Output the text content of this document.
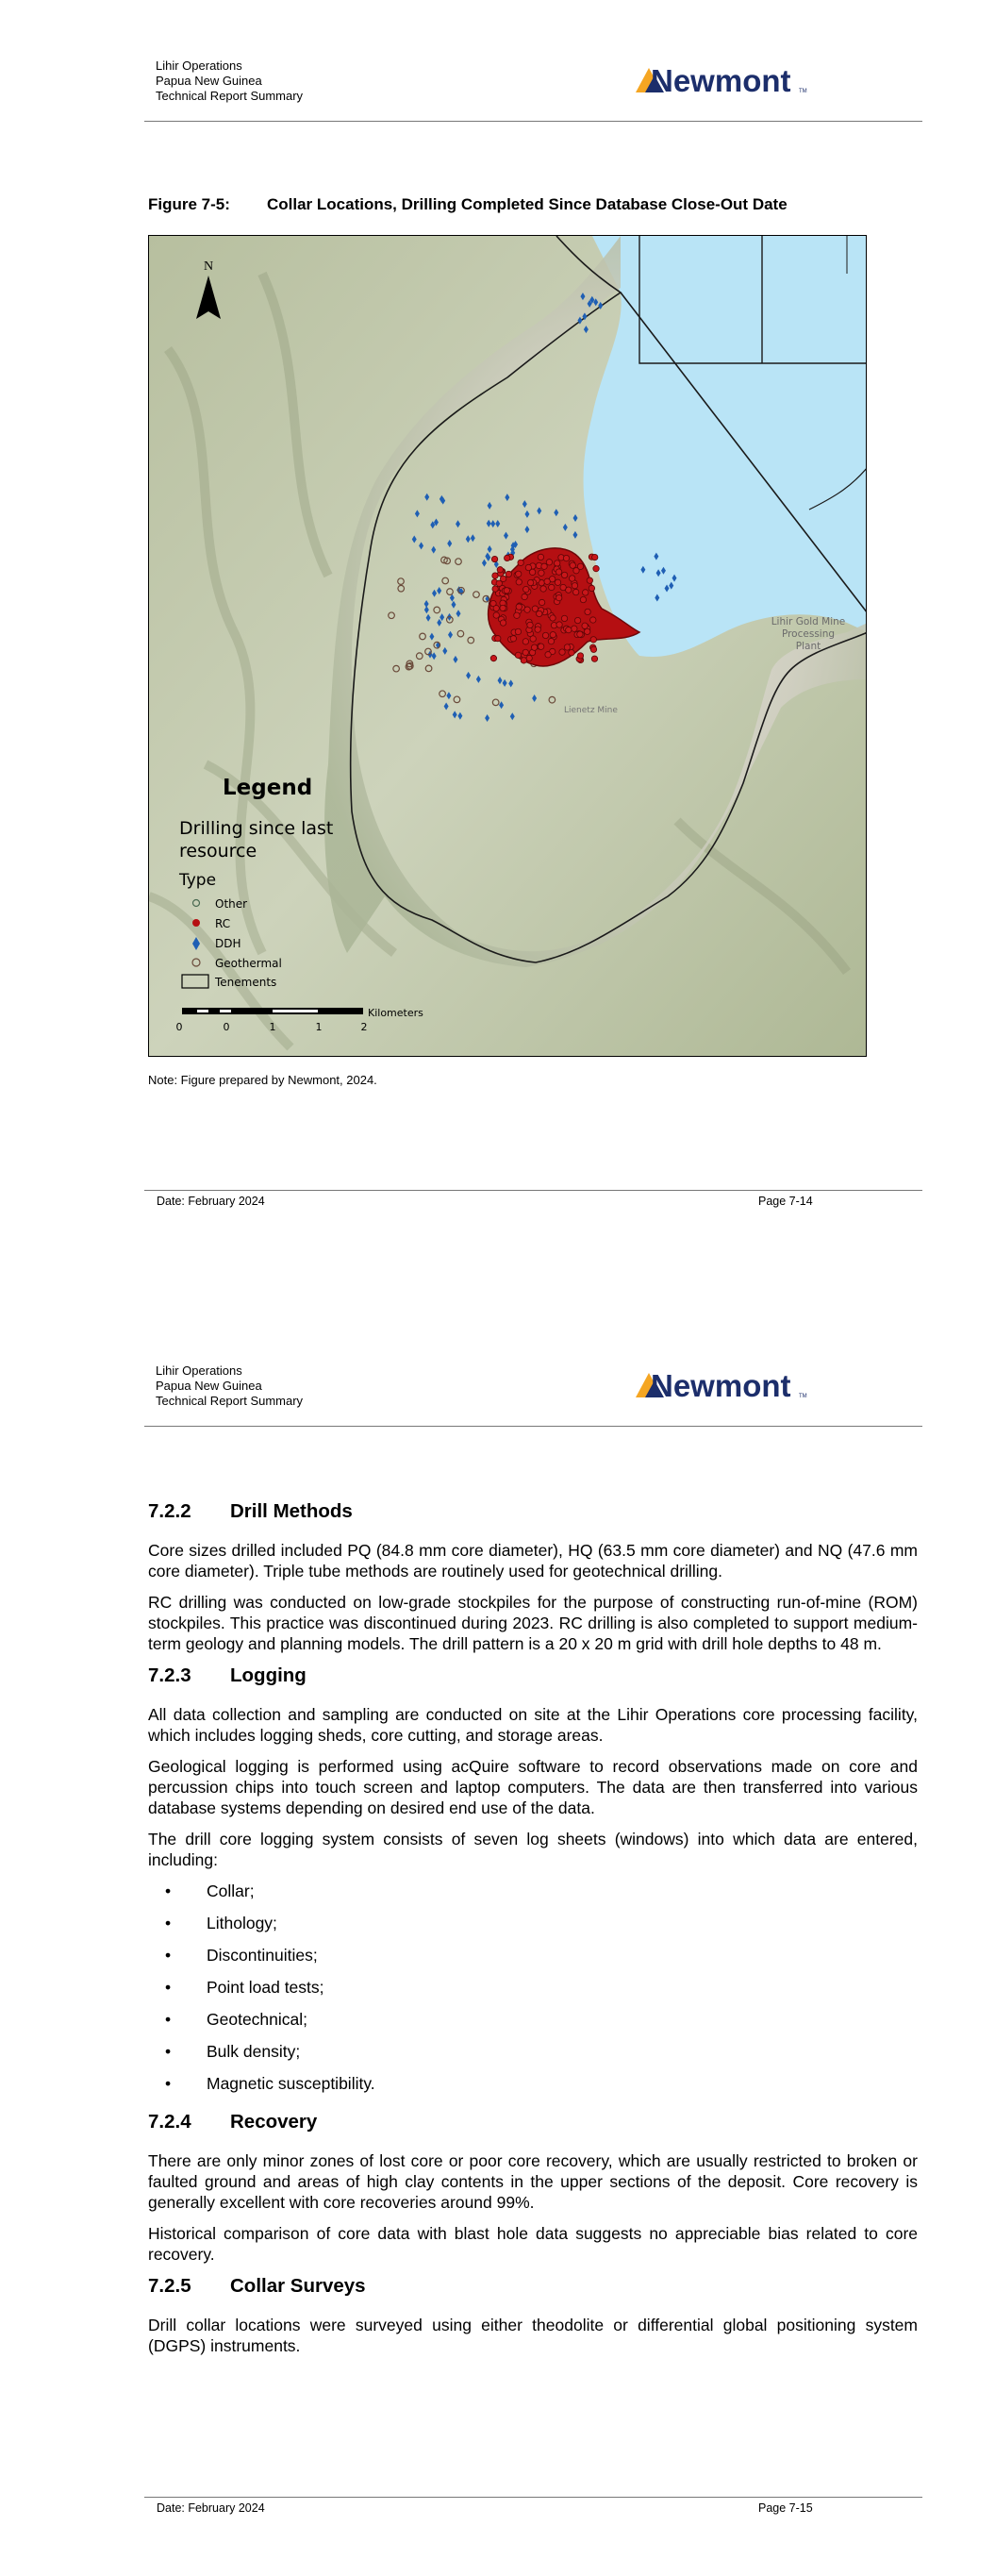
Lihir Operations
Papua New Guinea
Technical Report Summary	Newmont TM
Figure 7-5: Collar Locations, Drilling Completed Since Database Close-Out Date
N
Lihir Gold Mine
Processing
Plant
Lienetz Mine
Legend
Drilling since last
resource
Type
Other
RC
DDH
Geothermal
Tenements
0	0	1	1	2
Kilometers
Note: Figure prepared by Newmont, 2024.
Date: February 2024	Page 7-14
Lihir Operations
Papua New Guinea
Technical Report Summary	Newmont TM
7.2.2 Drill Methods

Core sizes drilled included PQ (84.8 mm core diameter), HQ (63.5 mm core diameter) and NQ (47.6 mm core diameter). Triple tube methods are routinely used for geotechnical drilling.

RC drilling was conducted on low-grade stockpiles for the purpose of constructing run-of-mine (ROM) stockpiles. This practice was discontinued during 2023. RC drilling is also completed to support medium-term geology and planning models. The drill pattern is a 20 x 20 m grid with drill hole depths to 48 m.

7.2.3 Logging

All data collection and sampling are conducted on site at the Lihir Operations core processing facility, which includes logging sheds, core cutting, and storage areas.

Geological logging is performed using acQuire software to record observations made on core and percussion chips into touch screen and laptop computers. The data are then transferred into various database systems depending on desired end use of the data.

The drill core logging system consists of seven log sheets (windows) into which data are entered, including:

• Collar;
• Lithology;
• Discontinuities;
• Point load tests;
• Geotechnical;
• Bulk density;
• Magnetic susceptibility.
7.2.4 Recovery

There are only minor zones of lost core or poor core recovery, which are usually restricted to broken or faulted ground and areas of high clay contents in the upper sections of the deposit. Core recovery is generally excellent with core recoveries around 99%.

Historical comparison of core data with blast hole data suggests no appreciable bias related to core recovery.

7.2.5 Collar Surveys

Drill collar locations were surveyed using either theodolite or differential global positioning system (DGPS) instruments.

Date: February 2024	Page 7-15
